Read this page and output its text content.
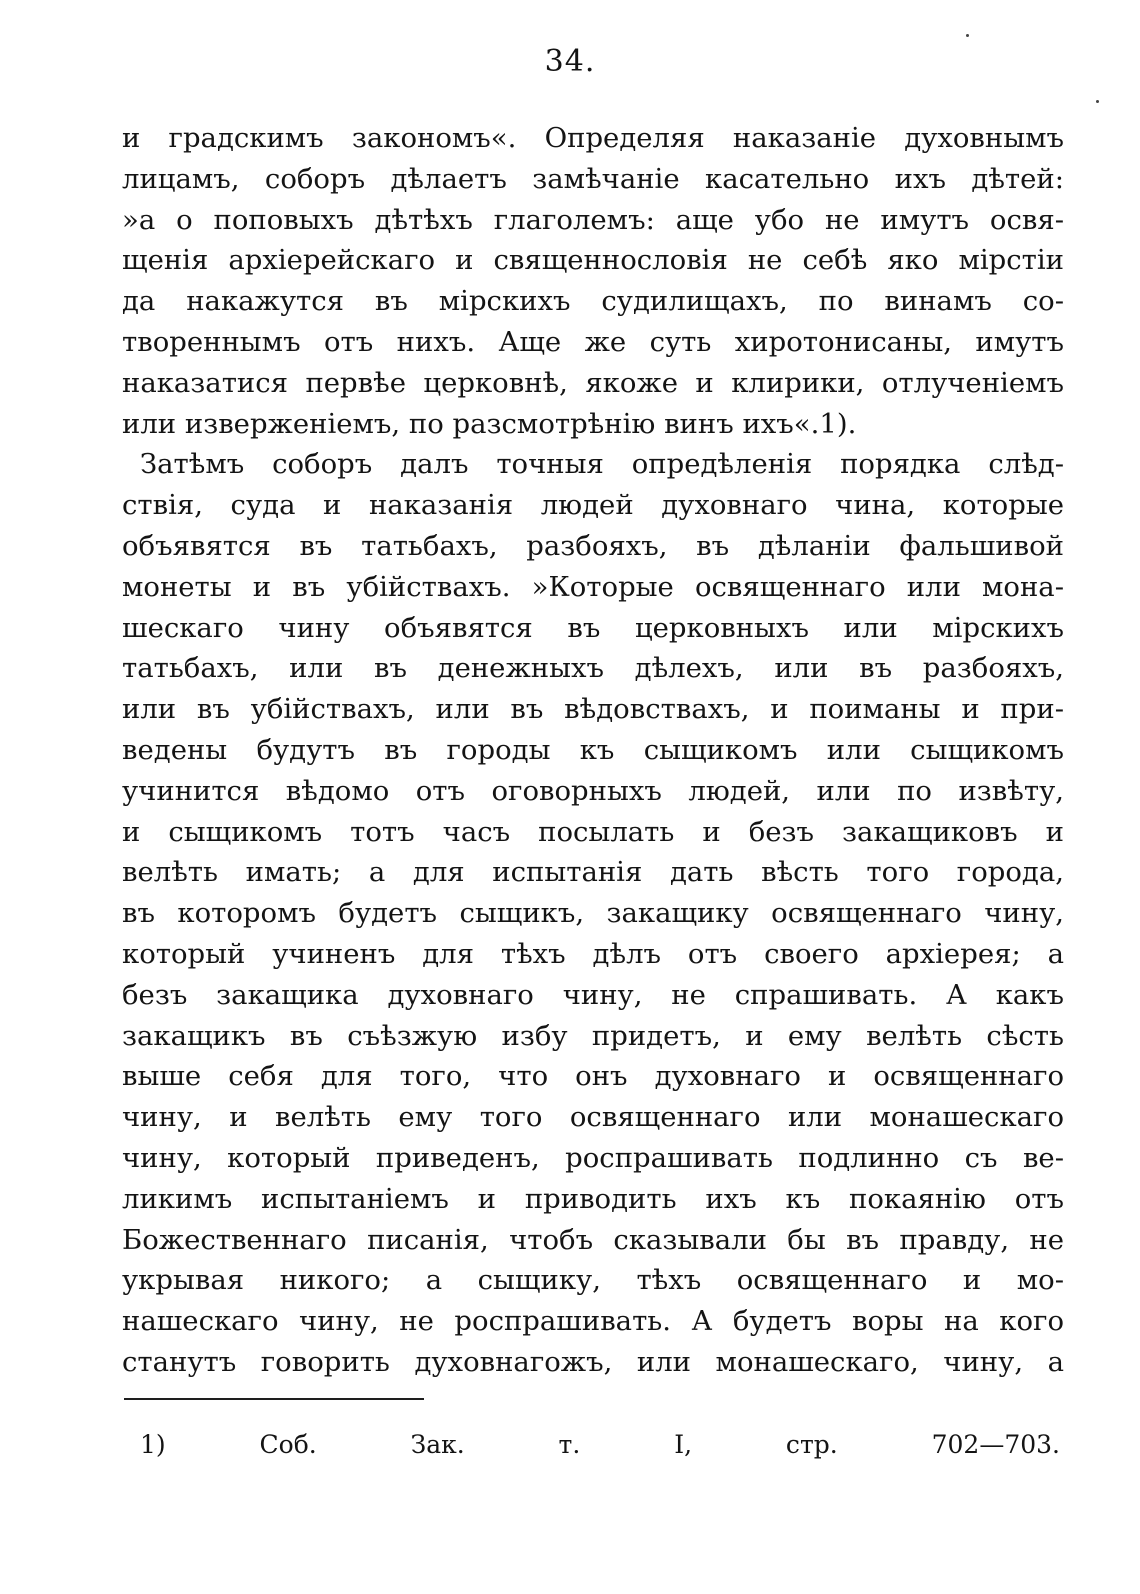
34.
и градскимъ закономъ«. Определяя наказаніе духовнымъ
лицамъ, соборъ дѣлаетъ замѣчаніе касательно ихъ дѣтей:
»а о поповыхъ дѣтѣхъ глаголемъ: аще убо не имутъ освя-
щенія архіерейскаго и священнословія не себѣ яко мірстіи
да накажутся въ мірскихъ судилищахъ, по винамъ со-
твореннымъ отъ нихъ. Аще же суть хиротонисаны, имутъ
наказатися первѣе церковнѣ, якоже и клирики, отлученіемъ
или изверженіемъ, по разсмотрѣнію винъ ихъ«.1).
Затѣмъ соборъ далъ точныя опредѣленія порядка слѣд-
ствія, суда и наказанія людей духовнаго чина, которые
объявятся въ татьбахъ, разбояхъ, въ дѣланіи фальшивой
монеты и въ убійствахъ. »Которые освященнаго или мона-
шескаго чину объявятся въ церковныхъ или мірскихъ
татьбахъ, или въ денежныхъ дѣлехъ, или въ разбояхъ,
или въ убійствахъ, или въ вѣдовствахъ, и поиманы и при-
ведены будутъ въ городы къ сыщикомъ или сыщикомъ
учинится вѣдомо отъ оговорныхъ людей, или по извѣту,
и сыщикомъ тотъ часъ посылать и безъ закащиковъ и
велѣть имать; а для испытанія дать вѣсть того города,
въ которомъ будетъ сыщикъ, закащику освященнаго чину,
который учиненъ для тѣхъ дѣлъ отъ своего архіерея; а
безъ закащика духовнаго чину, не спрашивать. А какъ
закащикъ въ съѣзжую избу придетъ, и ему велѣть сѣсть
выше себя для того, что онъ духовнаго и освященнаго
чину, и велѣть ему того освященнаго или монашескаго
чину, который приведенъ, роспрашивать подлинно съ ве-
ликимъ испытаніемъ и приводить ихъ къ покаянію отъ
Божественнаго писанія, чтобъ сказывали бы въ правду, не
укрывая никого; а сыщику, тѣхъ освященнаго и мо-
нашескаго чину, не роспрашивать. А будетъ воры на кого
станутъ говорить духовнагожъ, или монашескаго, чину, а
1) Соб. Зак. т. I, стр. 702—703.
